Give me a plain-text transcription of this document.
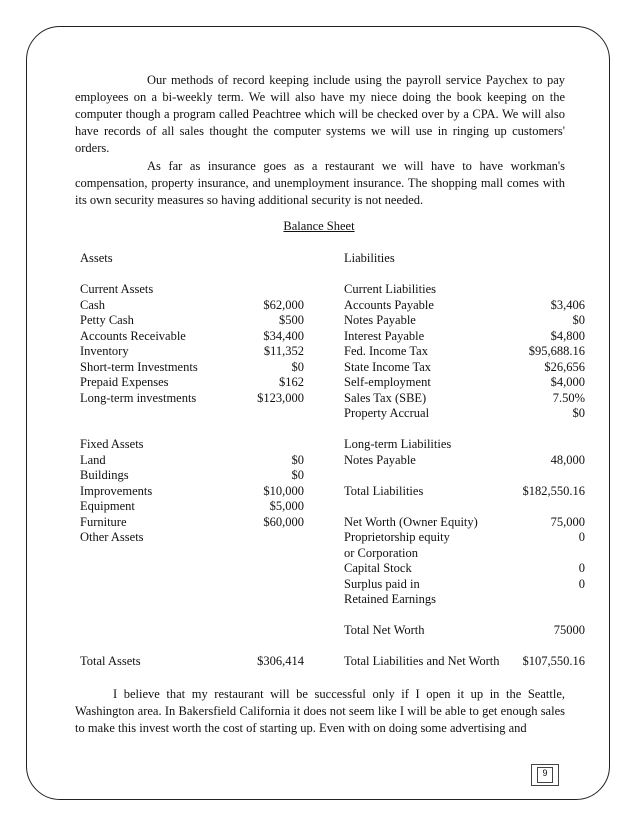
Our methods of record keeping include using the payroll service Paychex to pay employees on a bi-weekly term. We will also have my niece doing the book keeping on the computer though a program called Peachtree which will be checked over by a CPA. We will also have records of all sales thought the computer systems we will use in ringing up customers' orders.
As far as insurance goes as a restaurant we will have to have workman's compensation, property insurance, and unemployment insurance. The shopping mall comes with its own security measures so having additional security is not needed.
Balance Sheet
Assets
Current Assets
Cash	$62,000
Petty Cash	$500
Accounts Receivable	$34,400
Inventory	$11,352
Short-term Investments	$0
Prepaid Expenses	$162
Long-term investments	$123,000
Fixed Assets
Land	$0
Buildings	$0
Improvements	$10,000
Equipment	$5,000
Furniture	$60,000
Other Assets
Total Assets	$306,414
Liabilities
Current Liabilities
Accounts Payable	$3,406
Notes Payable	$0
Interest Payable	$4,800
Fed. Income Tax	$95,688.16
State Income Tax	$26,656
Self-employment	$4,000
Sales Tax (SBE)	7.50%
Property Accrual	$0
Long-term Liabilities
Notes Payable	48,000
Total Liabilities	$182,550.16
Net Worth (Owner Equity)	75,000
Proprietorship equity	0
or Corporation
Capital Stock	0
Surplus paid in	0
Retained Earnings
Total Net Worth	75000
Total Liabilities and Net Worth	$107,550.16
I believe that my restaurant will be successful only if I open it up in the Seattle, Washington area. In Bakersfield California it does not seem like I will be able to get enough sales to make this invest worth the cost of starting up. Even with on doing some advertising and
9
